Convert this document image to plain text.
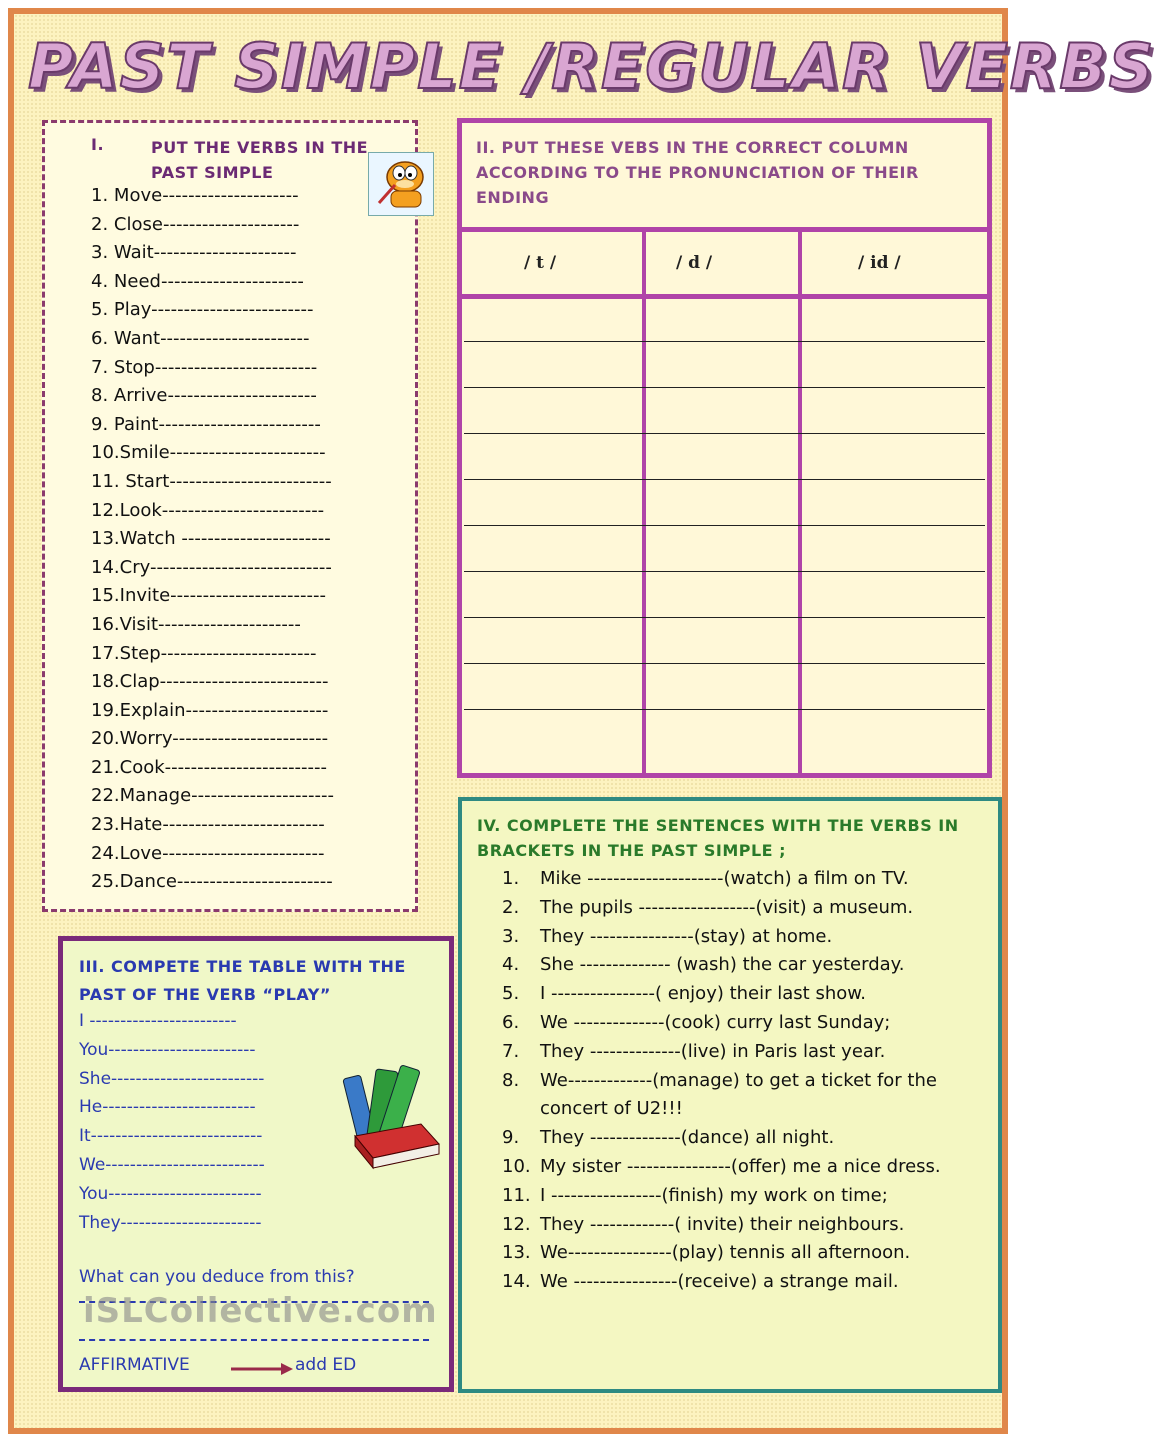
PAST SIMPLE /REGULAR VERBS
I.	PUT THE VERBS IN THE PAST SIMPLE
1. Move---------------------
2. Close---------------------
3. Wait----------------------
4. Need----------------------
5. Play-------------------------
6. Want-----------------------
7. Stop-------------------------
8. Arrive-----------------------
9. Paint-------------------------
10.Smile------------------------
11. Start-------------------------
12.Look-------------------------
13.Watch -----------------------
14.Cry----------------------------
15.Invite------------------------
16.Visit----------------------
17.Step------------------------
18.Clap--------------------------
19.Explain----------------------
20.Worry------------------------
21.Cook-------------------------
22.Manage----------------------
23.Hate-------------------------
24.Love-------------------------
25.Dance------------------------
II. PUT THESE VEBS IN THE CORRECT COLUMN ACCORDING TO THE PRONUNCIATION OF THEIR ENDING
/ t /	/ d /	/ id /
III. COMPETE THE TABLE WITH THE
PAST OF THE VERB “PLAY”
I ------------------------
You------------------------
She-------------------------
He-------------------------
It----------------------------
We--------------------------
You-------------------------
They-----------------------
What can you deduce from this?
iSLCollective.com
AFFIRMATIVE	add ED
IV. COMPLETE THE SENTENCES WITH THE VERBS IN BRACKETS IN THE PAST SIMPLE ;
1. Mike ---------------------(watch) a film on TV.
2. The pupils ------------------(visit) a museum.
3. They ----------------(stay) at home.
4. She -------------- (wash) the car yesterday.
5. I ----------------( enjoy) their last show.
6. We --------------(cook) curry last Sunday;
7. They --------------(live) in Paris last year.
8. We-------------(manage) to get a ticket for the concert of U2!!!
9. They --------------(dance) all night.
10. My sister ----------------(offer) me a nice dress.
11. I -----------------(finish) my work on time;
12. They -------------( invite) their neighbours.
13. We----------------(play) tennis all afternoon.
14. We ----------------(receive) a strange mail.
